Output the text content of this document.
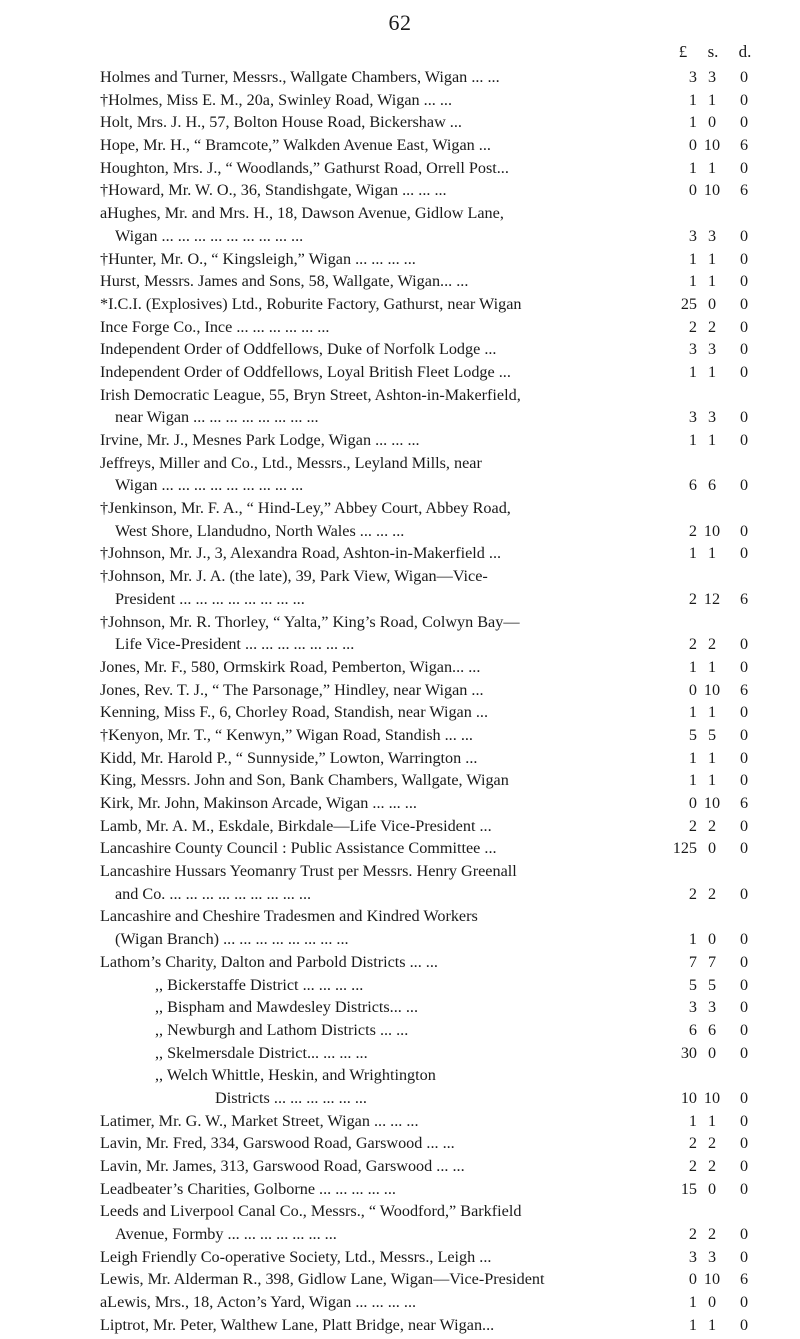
62
£	s.	d.
Holmes and Turner, Messrs., Wallgate Chambers, Wigan ... ...	3 3	0
†Holmes, Miss E. M., 20a, Swinley Road, Wigan ... ...	1 1	0
Holt, Mrs. J. H., 57, Bolton House Road, Bickershaw ...	1 0	0
Hope, Mr. H., “ Bramcote,” Walkden Avenue East, Wigan ...	0 10	6
Houghton, Mrs. J., “ Woodlands,” Gathurst Road, Orrell Post...	1 1	0
†Howard, Mr. W. O., 36, Standishgate, Wigan ... ... ...	0 10	6
aHughes, Mr. and Mrs. H., 18, Dawson Avenue, Gidlow Lane,
Wigan ... ... ... ... ... ... ... ... ...	3 3	0
†Hunter, Mr. O., “ Kingsleigh,” Wigan ... ... ... ...	1 1	0
Hurst, Messrs. James and Sons, 58, Wallgate, Wigan... ...	1 1	0
*I.C.I. (Explosives) Ltd., Roburite Factory, Gathurst, near Wigan	25 0	0
Ince Forge Co., Ince ... ... ... ... ... ...	2 2	0
Independent Order of Oddfellows, Duke of Norfolk Lodge ...	3 3	0
Independent Order of Oddfellows, Loyal British Fleet Lodge ...	1 1	0
Irish Democratic League, 55, Bryn Street, Ashton-in-Makerfield,
near Wigan ... ... ... ... ... ... ... ...	3 3	0
Irvine, Mr. J., Mesnes Park Lodge, Wigan ... ... ...	1 1	0
Jeffreys, Miller and Co., Ltd., Messrs., Leyland Mills, near
Wigan ... ... ... ... ... ... ... ... ...	6 6	0
†Jenkinson, Mr. F. A., “ Hind-Ley,” Abbey Court, Abbey Road,
West Shore, Llandudno, North Wales ... ... ...	2 10	0
†Johnson, Mr. J., 3, Alexandra Road, Ashton-in-Makerfield ...	1 1	0
†Johnson, Mr. J. A. (the late), 39, Park View, Wigan—Vice-
President ... ... ... ... ... ... ... ...	2 12	6
†Johnson, Mr. R. Thorley, “ Yalta,” King’s Road, Colwyn Bay—
Life Vice-President ... ... ... ... ... ... ...	2 2	0
Jones, Mr. F., 580, Ormskirk Road, Pemberton, Wigan... ...	1 1	0
Jones, Rev. T. J., “ The Parsonage,” Hindley, near Wigan ...	0 10	6
Kenning, Miss F., 6, Chorley Road, Standish, near Wigan ...	1 1	0
†Kenyon, Mr. T., “ Kenwyn,” Wigan Road, Standish ... ...	5 5	0
Kidd, Mr. Harold P., “ Sunnyside,” Lowton, Warrington ...	1 1	0
King, Messrs. John and Son, Bank Chambers, Wallgate, Wigan	1 1	0
Kirk, Mr. John, Makinson Arcade, Wigan ... ... ...	0 10	6
Lamb, Mr. A. M., Eskdale, Birkdale—Life Vice-President ...	2 2	0
Lancashire County Council : Public Assistance Committee ...	125 0	0
Lancashire Hussars Yeomanry Trust per Messrs. Henry Greenall
and Co. ... ... ... ... ... ... ... ... ...	2 2	0
Lancashire and Cheshire Tradesmen and Kindred Workers
(Wigan Branch) ... ... ... ... ... ... ... ...	1 0	0
Lathom’s Charity, Dalton and Parbold Districts ... ...	7 7	0
,, Bickerstaffe District ... ... ... ...	5 5	0
,, Bispham and Mawdesley Districts... ...	3 3	0
,, Newburgh and Lathom Districts ... ...	6 6	0
,, Skelmersdale District... ... ... ...	30 0	0
,, Welch Whittle, Heskin, and Wrightington
Districts ... ... ... ... ... ...	10 10	0
Latimer, Mr. G. W., Market Street, Wigan ... ... ...	1 1	0
Lavin, Mr. Fred, 334, Garswood Road, Garswood ... ...	2 2	0
Lavin, Mr. James, 313, Garswood Road, Garswood ... ...	2 2	0
Leadbeater’s Charities, Golborne ... ... ... ... ...	15 0	0
Leeds and Liverpool Canal Co., Messrs., “ Woodford,” Barkfield
Avenue, Formby ... ... ... ... ... ... ...	2 2	0
Leigh Friendly Co-operative Society, Ltd., Messrs., Leigh ...	3 3	0
Lewis, Mr. Alderman R., 398, Gidlow Lane, Wigan—Vice-President	0 10	6
aLewis, Mrs., 18, Acton’s Yard, Wigan ... ... ... ...	1 0	0
Liptrot, Mr. Peter, Walthew Lane, Platt Bridge, near Wigan...	1 1	0
